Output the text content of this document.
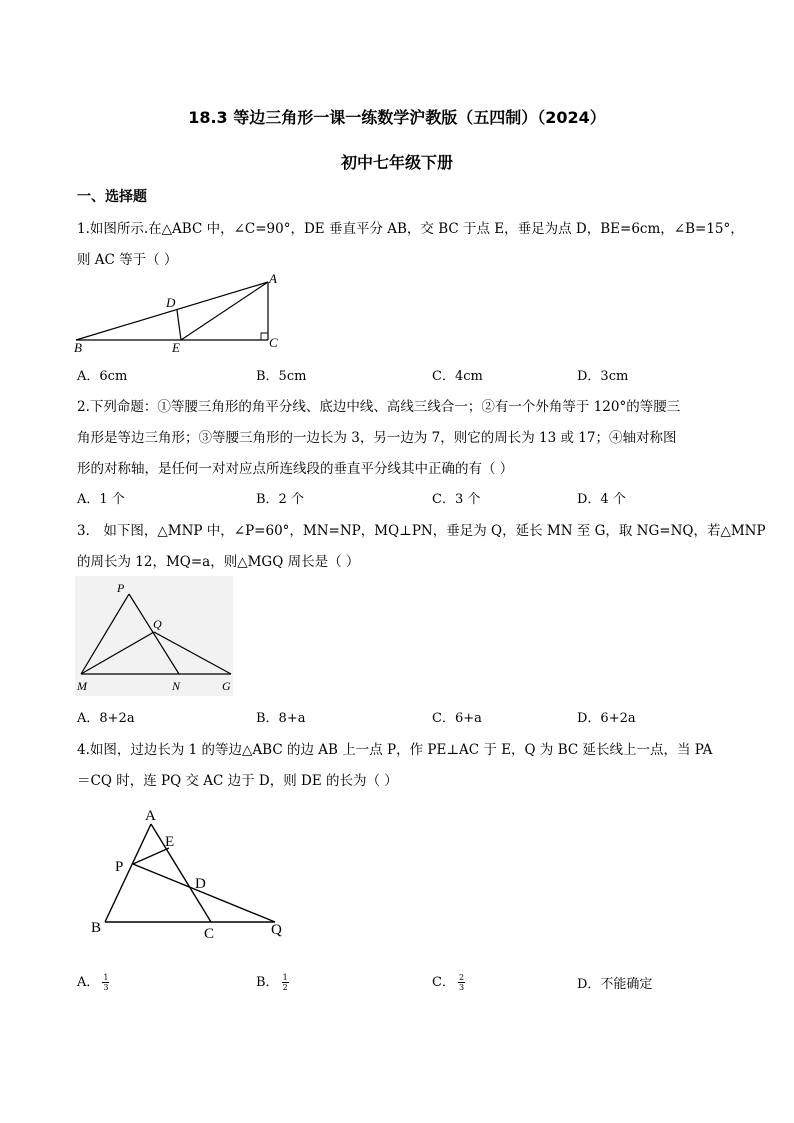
18.3 等边三角形一课一练数学沪教版（五四制）（2024）
初中七年级下册
一、选择题
1.如图所示.在△ABC 中，∠C=90°，DE 垂直平分 AB，交 BC 于点 E，垂足为点 D，BE=6cm，∠B=15°，
则 AC 等于（ ）
A
B	C
D
E
A．6cm	B．5cm	C．4cm	D．3cm
2.下列命题：①等腰三角形的角平分线、底边中线、高线三线合一；②有一个外角等于 120°的等腰三
角形是等边三角形；③等腰三角形的一边长为 3，另一边为 7，则它的周长为 13 或 17；④轴对称图
形的对称轴，是任何一对对应点所连线段的垂直平分线其中正确的有（ ）
A．1 个	B．2 个	C．3 个	D．4 个
3． 如下图，△MNP 中，∠P=60°，MN=NP，MQ⊥PN，垂足为 Q，延长 MN 至 G，取 NG=NQ，若△MNP
的周长为 12，MQ=a，则△MGQ 周长是（ ）
P
Q
M	N	G
A．8+2a	B．8+a	C．6+a	D．6+2a
4.如图，过边长为 1 的等边△ABC 的边 AB 上一点 P，作 PE⊥AC 于 E，Q 为 BC 延长线上一点，当 PA
＝CQ 时，连 PQ 交 AC 边于 D，则 DE 的长为（ ）
A
E
P
D
B	C	Q
A． $\frac{1}{3}$	B． $\frac{1}{2}$	C． $\frac{2}{3}$	D．不能确定
